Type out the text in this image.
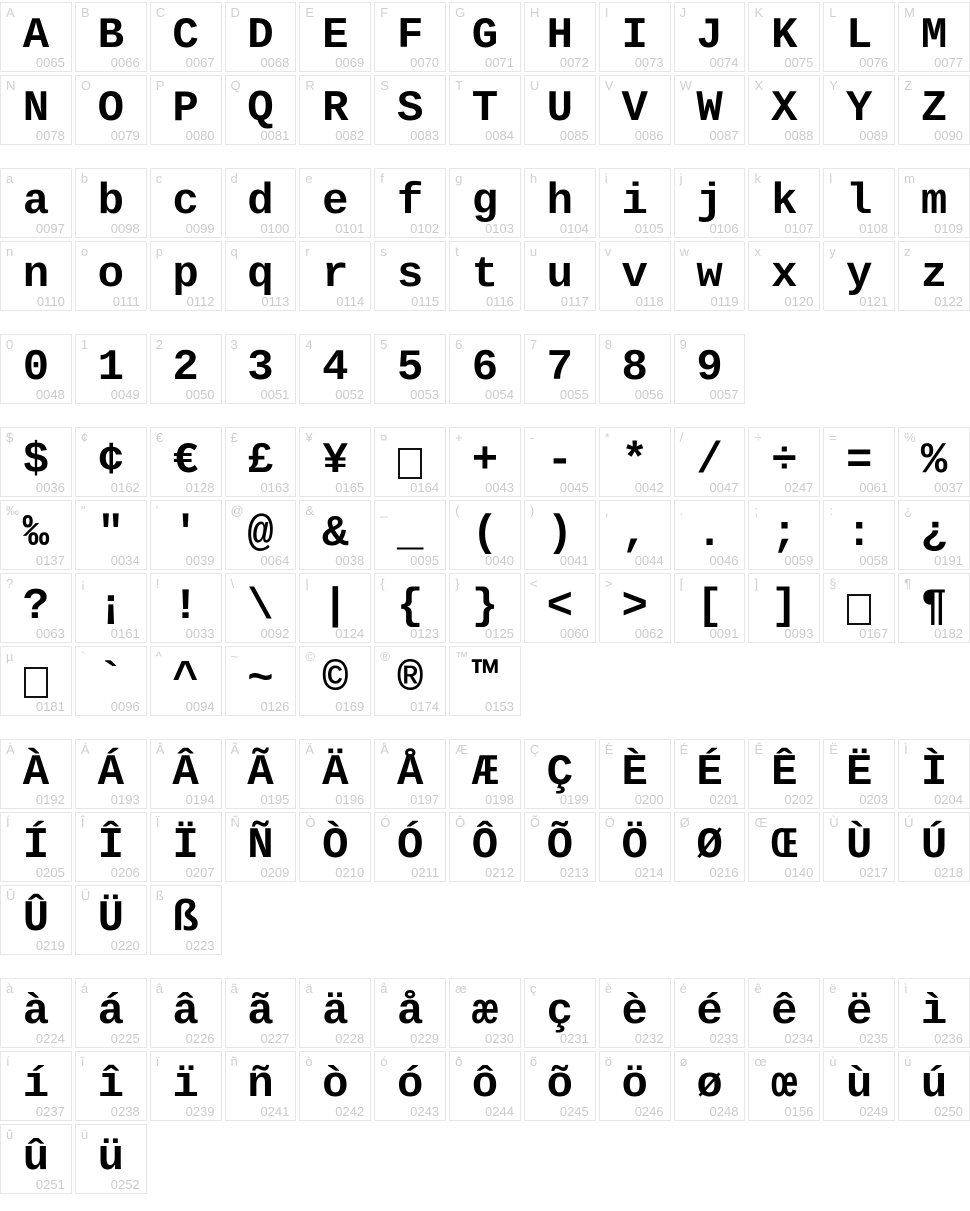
A A
0065
B B
0066
C C
0067
D D
0068
E E
0069
F F
0070
G G
0071
H H
0072
I I
0073
J J
0074
K K
0075
L L
0076
M M
0077
N N
0078
O O
0079
P P
0080
Q Q
0081
R R
0082
S S
0083
T T
0084
U U
0085
V V
0086
W W
0087
X X
0088
Y Y
0089
Z Z
0090
a a
0097
b b
0098
c c
0099
d d
0100
e e
0101
f f
0102
g g
0103
h h
0104
i i
0105
j j
0106
k k
0107
l l
0108
m m
0109
n n
0110
o o
0111
p p
0112
q q
0113
r r
0114
s s
0115
t t
0116
u u
0117
v v
0118
w w
0119
x x
0120
y y
0121
z z
0122
0 0
0048
1 1
0049
2 2
0050
3 3
0051
4 4
0052
5 5
0053
6 6
0054
7 7
0055
8 8
0056
9 9
0057
$ $
0036
¢ ¢
0162
€ €
0128
£ £
0163
¥ ¥
0165
¤
0164
+ +
0043
- -
0045
* *
0042
/ /
0047
÷ ÷
0247
= =
0061
% %
0037
‰ ‰
0137
" "
0034
' '
0039
@ @
0064
& &
0038
_ _
0095
( (
0040
) )
0041
, ,
0044
. .
0046
; ;
0059
: :
0058
¿ ¿
0191
? ?
0063
¡ ¡
0161
! !
0033
\ \
0092
| |
0124
{ {
0123
} }
0125
< <
0060
> >
0062
[ [
0091
] ]
0093
§
0167
¶ ¶
0182
µ
0181
` `
0096
^ ^
0094
~ ~
0126
© ©
0169
® ®
0174
™ ™
0153
À À
0192
Á Á
0193
Â Â
0194
Ã Ã
0195
Ä Ä
0196
Å Å
0197
Æ Æ
0198
Ç Ç
0199
È È
0200
É É
0201
Ê Ê
0202
Ë Ë
0203
Ì Ì
0204
Í Í
0205
Î Î
0206
Ï Ï
0207
Ñ Ñ
0209
Ò Ò
0210
Ó Ó
0211
Ô Ô
0212
Õ Õ
0213
Ö Ö
0214
Ø Ø
0216
Œ Œ
0140
Ù Ù
0217
Ú Ú
0218
Û Û
0219
Ü Ü
0220
ß ß
0223
à à
0224
á á
0225
â â
0226
ã ã
0227
ä ä
0228
å å
0229
æ æ
0230
ç ç
0231
è è
0232
é é
0233
ê ê
0234
ë ë
0235
ì ì
0236
í í
0237
î î
0238
ï ï
0239
ñ ñ
0241
ò ò
0242
ó ó
0243
ô ô
0244
õ õ
0245
ö ö
0246
ø ø
0248
œ œ
0156
ù ù
0249
ú ú
0250
û û
0251
ü ü
0252
